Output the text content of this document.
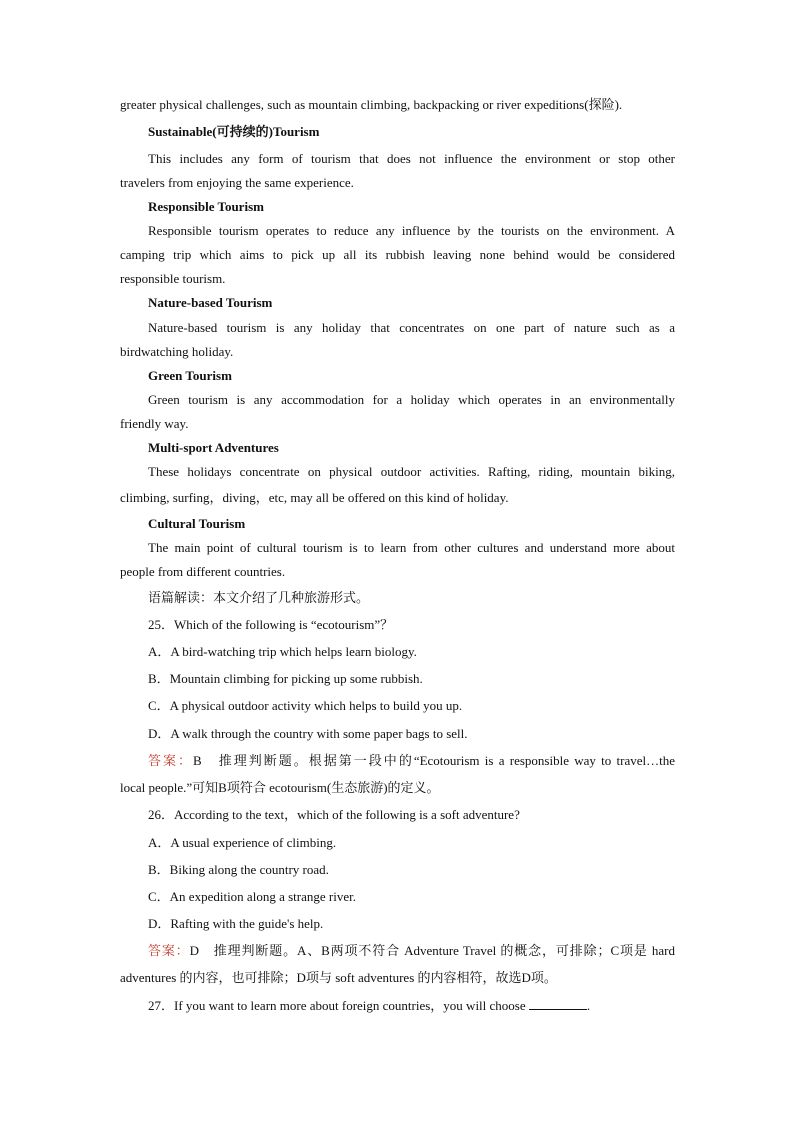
greater physical challenges, such as mountain climbing, backpacking or river expeditions(探险).
Sustainable(可持续的)Tourism
This includes any form of tourism that does not influence the environment or stop other
travelers from enjoying the same experience.
Responsible Tourism
Responsible tourism operates to reduce any influence by the tourists on the environment. A
camping trip which aims to pick up all its rubbish leaving none behind would be considered
responsible tourism.
Nature-based Tourism
Nature-based tourism is any holiday that concentrates on one part of nature such as a
birdwatching holiday.
Green Tourism
Green tourism is any accommodation for a holiday which operates in an environmentally
friendly way.
Multi-sport Adventures
These holidays concentrate on physical outdoor activities. Rafting, riding, mountain biking,
climbing, surfing，diving，etc, may all be offered on this kind of holiday.
Cultural Tourism
The main point of cultural tourism is to learn from other cultures and understand more about
people from different countries.
语篇解读：本文介绍了几种旅游形式。
25．Which of the following is “ecotourism”？
A．A bird-watching trip which helps learn biology.
B．Mountain climbing for picking up some rubbish.
C．A physical outdoor activity which helps to build you up.
D．A walk through the country with some paper bags to sell.
答案：B　推理判断题。根据第一段中的“Ecotourism is a responsible way to travel…the
local people.”可知B项符合 ecotourism(生态旅游)的定义。
26．According to the text，which of the following is a soft adventure?
A．A usual experience of climbing.
B．Biking along the country road.
C．An expedition along a strange river.
D．Rafting with the guide's help.
答案：D　推理判断题。A、B两项不符合 Adventure Travel 的概念，可排除；C项是 hard
adventures 的内容，也可排除；D项与 soft adventures 的内容相符，故选D项。
27．If you want to learn more about foreign countries，you will choose	.
